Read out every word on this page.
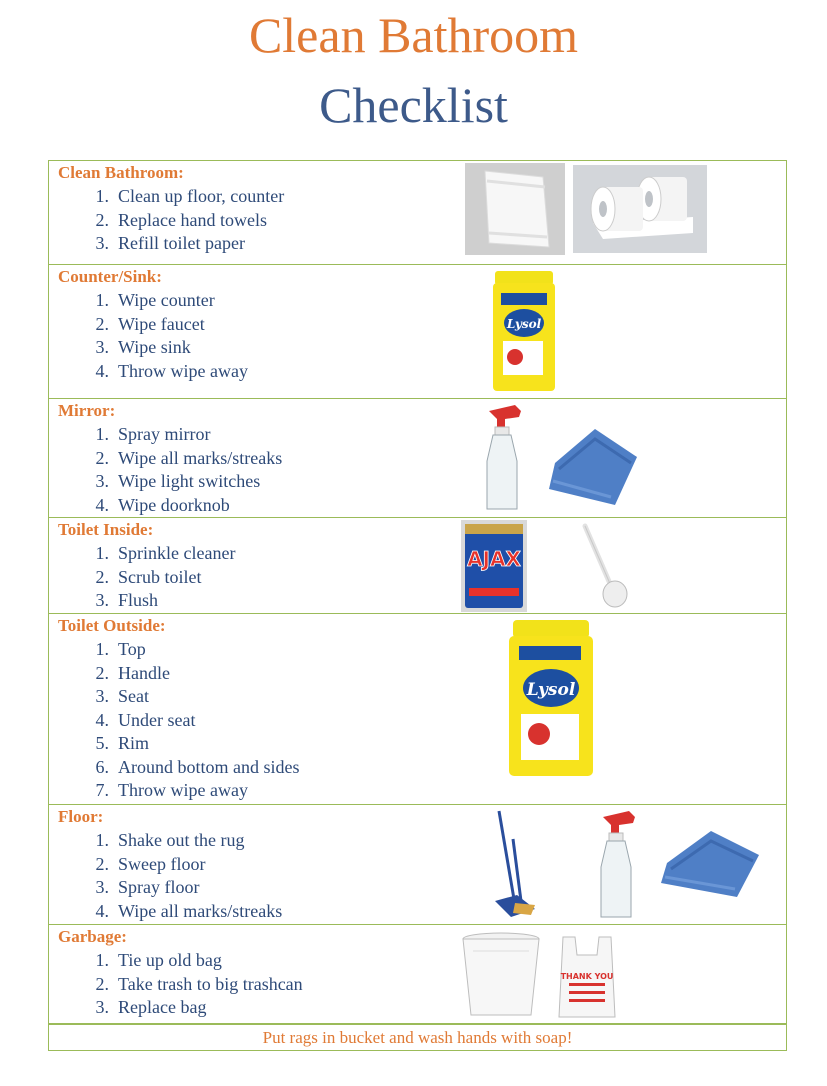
Clean Bathroom
Checklist
Clean Bathroom:
1. Clean up floor, counter
2. Replace hand towels
3. Refill toilet paper
Counter/Sink:
1. Wipe counter
2. Wipe faucet
3. Wipe sink
4. Throw wipe away
Lysol
Mirror:
1. Spray mirror
2. Wipe all marks/streaks
3. Wipe light switches
4. Wipe doorknob
Toilet Inside:
1. Sprinkle cleaner
2. Scrub toilet
3. Flush
AJAX
Toilet Outside:
1. Top
2. Handle
3. Seat
4. Under seat
5. Rim
6. Around bottom and sides
7. Throw wipe away
Lysol
Floor:
1. Shake out the rug
2. Sweep floor
3. Spray floor
4. Wipe all marks/streaks
Garbage:
1. Tie up old bag
2. Take trash to big trashcan
3. Replace bag
THANK YOU
Put rags in bucket and wash hands with soap!
